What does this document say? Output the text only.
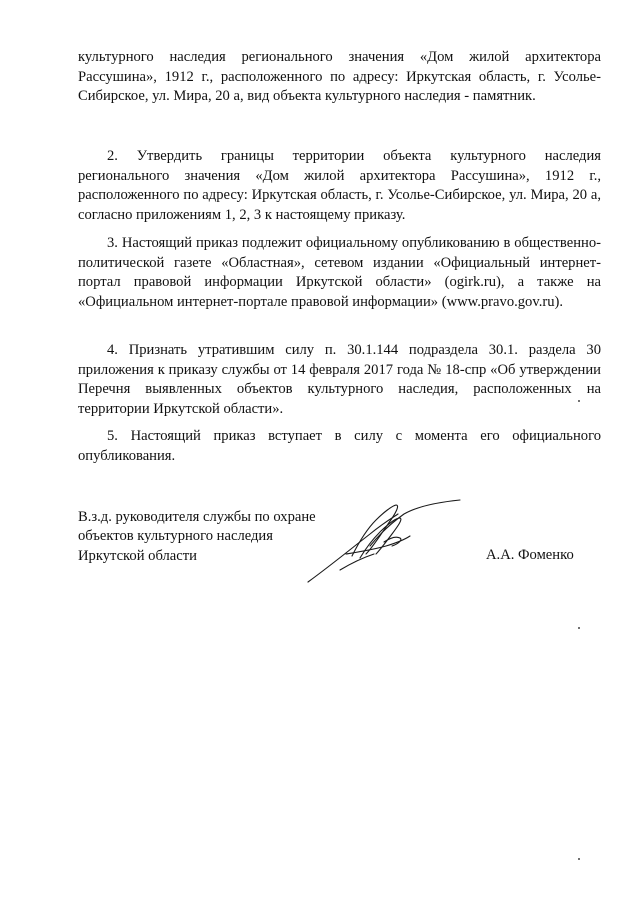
культурного наследия регионального значения «Дом жилой архитектора Рассушина», 1912 г., расположенного по адресу: Иркутская область, г. Усолье-Сибирское, ул. Мира, 20 а, вид объекта культурного наследия - памятник.

2. Утвердить границы территории объекта культурного наследия регионального значения «Дом жилой архитектора Рассушина», 1912 г., расположенного по адресу: Иркутская область, г. Усолье-Сибирское, ул. Мира, 20 а, согласно приложениям 1, 2, 3 к настоящему приказу.

3. Настоящий приказ подлежит официальному опубликованию в общественно-политической газете «Областная», сетевом издании «Официальный интернет-портал правовой информации Иркутской области» (ogirk.ru), а также на «Официальном интернет-портале правовой информации» (www.pravo.gov.ru).

4. Признать утратившим силу п. 30.1.144 подраздела 30.1. раздела 30 приложения к приказу службы от 14 февраля 2017 года № 18-спр «Об утверждении Перечня выявленных объектов культурного наследия, расположенных на территории Иркутской области».

5. Настоящий приказ вступает в силу с момента его официального опубликования.

В.з.д. руководителя службы по охране
объектов культурного наследия
Иркутской области	А.А. Фоменко
